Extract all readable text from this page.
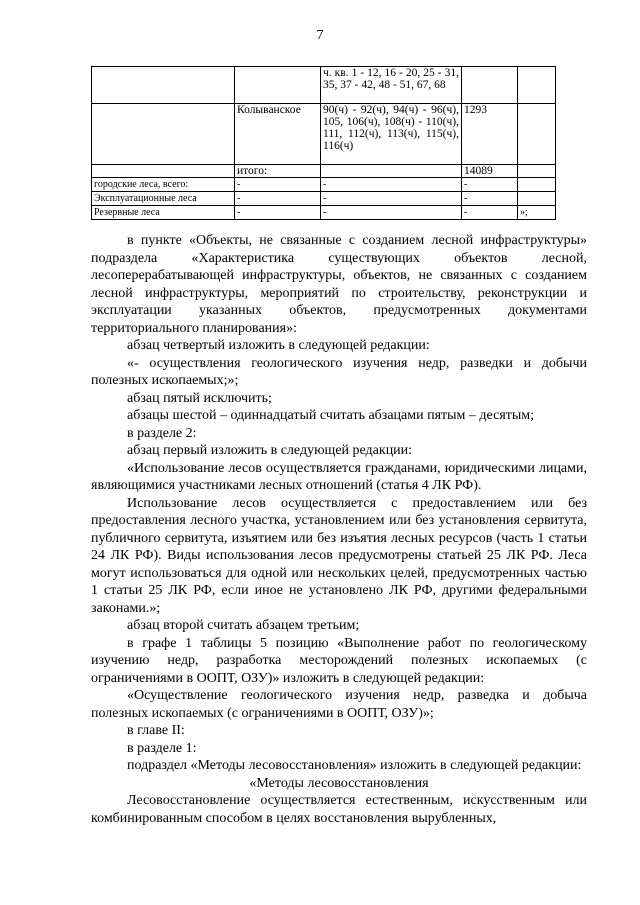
7
		ч. кв. 1 - 12, 16 - 20, 25 - 31, 35, 37 - 42, 48 - 51, 67, 68		
	Колыванское	90(ч) - 92(ч), 94(ч) - 96(ч), 105, 106(ч), 108(ч) - 110(ч), 111, 112(ч), 113(ч), 115(ч), 116(ч)	1293	
	итого:		14089	
городские леса, всего:	-	-	-	
Эксплуатационные леса	-	-	-	
Резервные леса	-	-	-	»;

в пункте «Объекты, не связанные с созданием лесной инфраструктуры» подраздела «Характеристика существующих объектов лесной, лесоперерабатывающей инфраструктуры, объектов, не связанных с созданием лесной инфраструктуры, мероприятий по строительству, реконструкции и эксплуатации указанных объектов, предусмотренных документами территориального планирования»:

абзац четвертый изложить в следующей редакции:

«- осуществления геологического изучения недр, разведки и добычи полезных ископаемых;»;

абзац пятый исключить;

абзацы шестой – одиннадцатый считать абзацами пятым – десятым;

в разделе 2:

абзац первый изложить в следующей редакции:

«Использование лесов осуществляется гражданами, юридическими лицами, являющимися участниками лесных отношений (статья 4 ЛК РФ).

Использование лесов осуществляется с предоставлением или без предоставления лесного участка, установлением или без установления сервитута, публичного сервитута, изъятием или без изъятия лесных ресурсов (часть 1 статьи 24 ЛК РФ). Виды использования лесов предусмотрены статьей 25 ЛК РФ. Леса могут использоваться для одной или нескольких целей, предусмотренных частью 1 статьи 25 ЛК РФ, если иное не установлено ЛК РФ, другими федеральными законами.»;

абзац второй считать абзацем третьим;

в графе 1 таблицы 5 позицию «Выполнение работ по геологическому изучению недр, разработка месторождений полезных ископаемых (с ограничениями в ООПТ, ОЗУ)» изложить в следующей редакции:

«Осуществление геологического изучения недр, разведка и добыча полезных ископаемых (с ограничениями в ООПТ, ОЗУ)»;

в главе II:

в разделе 1:

подраздел «Методы лесовосстановления» изложить в следующей редакции:

«Методы лесовосстановления

Лесовосстановление осуществляется естественным, искусственным или комбинированным способом в целях восстановления вырубленных,
